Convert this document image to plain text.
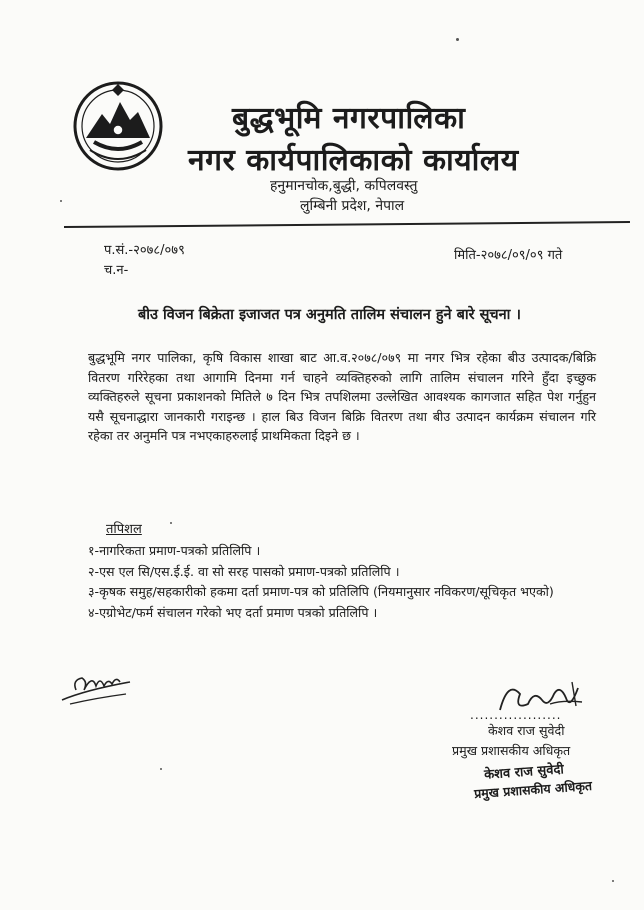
बुद्धभूमि नगरपालिका
नगर कार्यपालिकाको कार्यालय
हनुमानचोक,बुद्धी, कपिलवस्तु
लुम्बिनी प्रदेश, नेपाल
प.सं.-२०७८/०७९
च.न-
मिति-२०७८/०९/०९ गते
बीउ विजन बिक्रेता इजाजत पत्र अनुमति तालिम संचालन हुने बारे सूचना ।
बुद्धभूमि नगर पालिका, कृषि विकास शाखा बाट आ.व.२०७८/०७९ मा नगर भित्र रहेका बीउ उत्पादक/बिक्रि वितरण गरिरेहका तथा आगामि दिनमा गर्न चाहने व्यक्तिहरुको लागि तालिम संचालन गरिने हुँदा इच्छुक व्यक्तिहरुले सूचना प्रकाशनको मितिले ७ दिन भित्र तपशिलमा उल्लेखित आवश्यक कागजात सहित पेश गर्नुहुन यसै सूचनाद्धारा जानकारी गराइन्छ । हाल बिउ विजन बिक्रि वितरण तथा बीउ उत्पादन कार्यक्रम संचालन गरि रहेका तर अनुमनि पत्र नभएकाहरुलाई प्राथमिकता दिइने छ ।
तपिशल
१-नागरिकता प्रमाण-पत्रको प्रतिलिपि ।
२-एस एल सि/एस.ई.ई. वा सो सरह पासको प्रमाण-पत्रको प्रतिलिपि ।
३-कृषक समुह/सहकारीको हकमा दर्ता प्रमाण-पत्र को प्रतिलिपि (नियमानुसार नविकरण/सूचिकृत भएको)
४-एग्रोभेट/फर्म संचालन गरेको भए दर्ता प्रमाण पत्रको प्रतिलिपि ।
...................
केशव राज सुवेदी
प्रमुख प्रशासकीय अधिकृत
केशव राज सुवेदी
प्रमुख प्रशासकीय अधिकृत
